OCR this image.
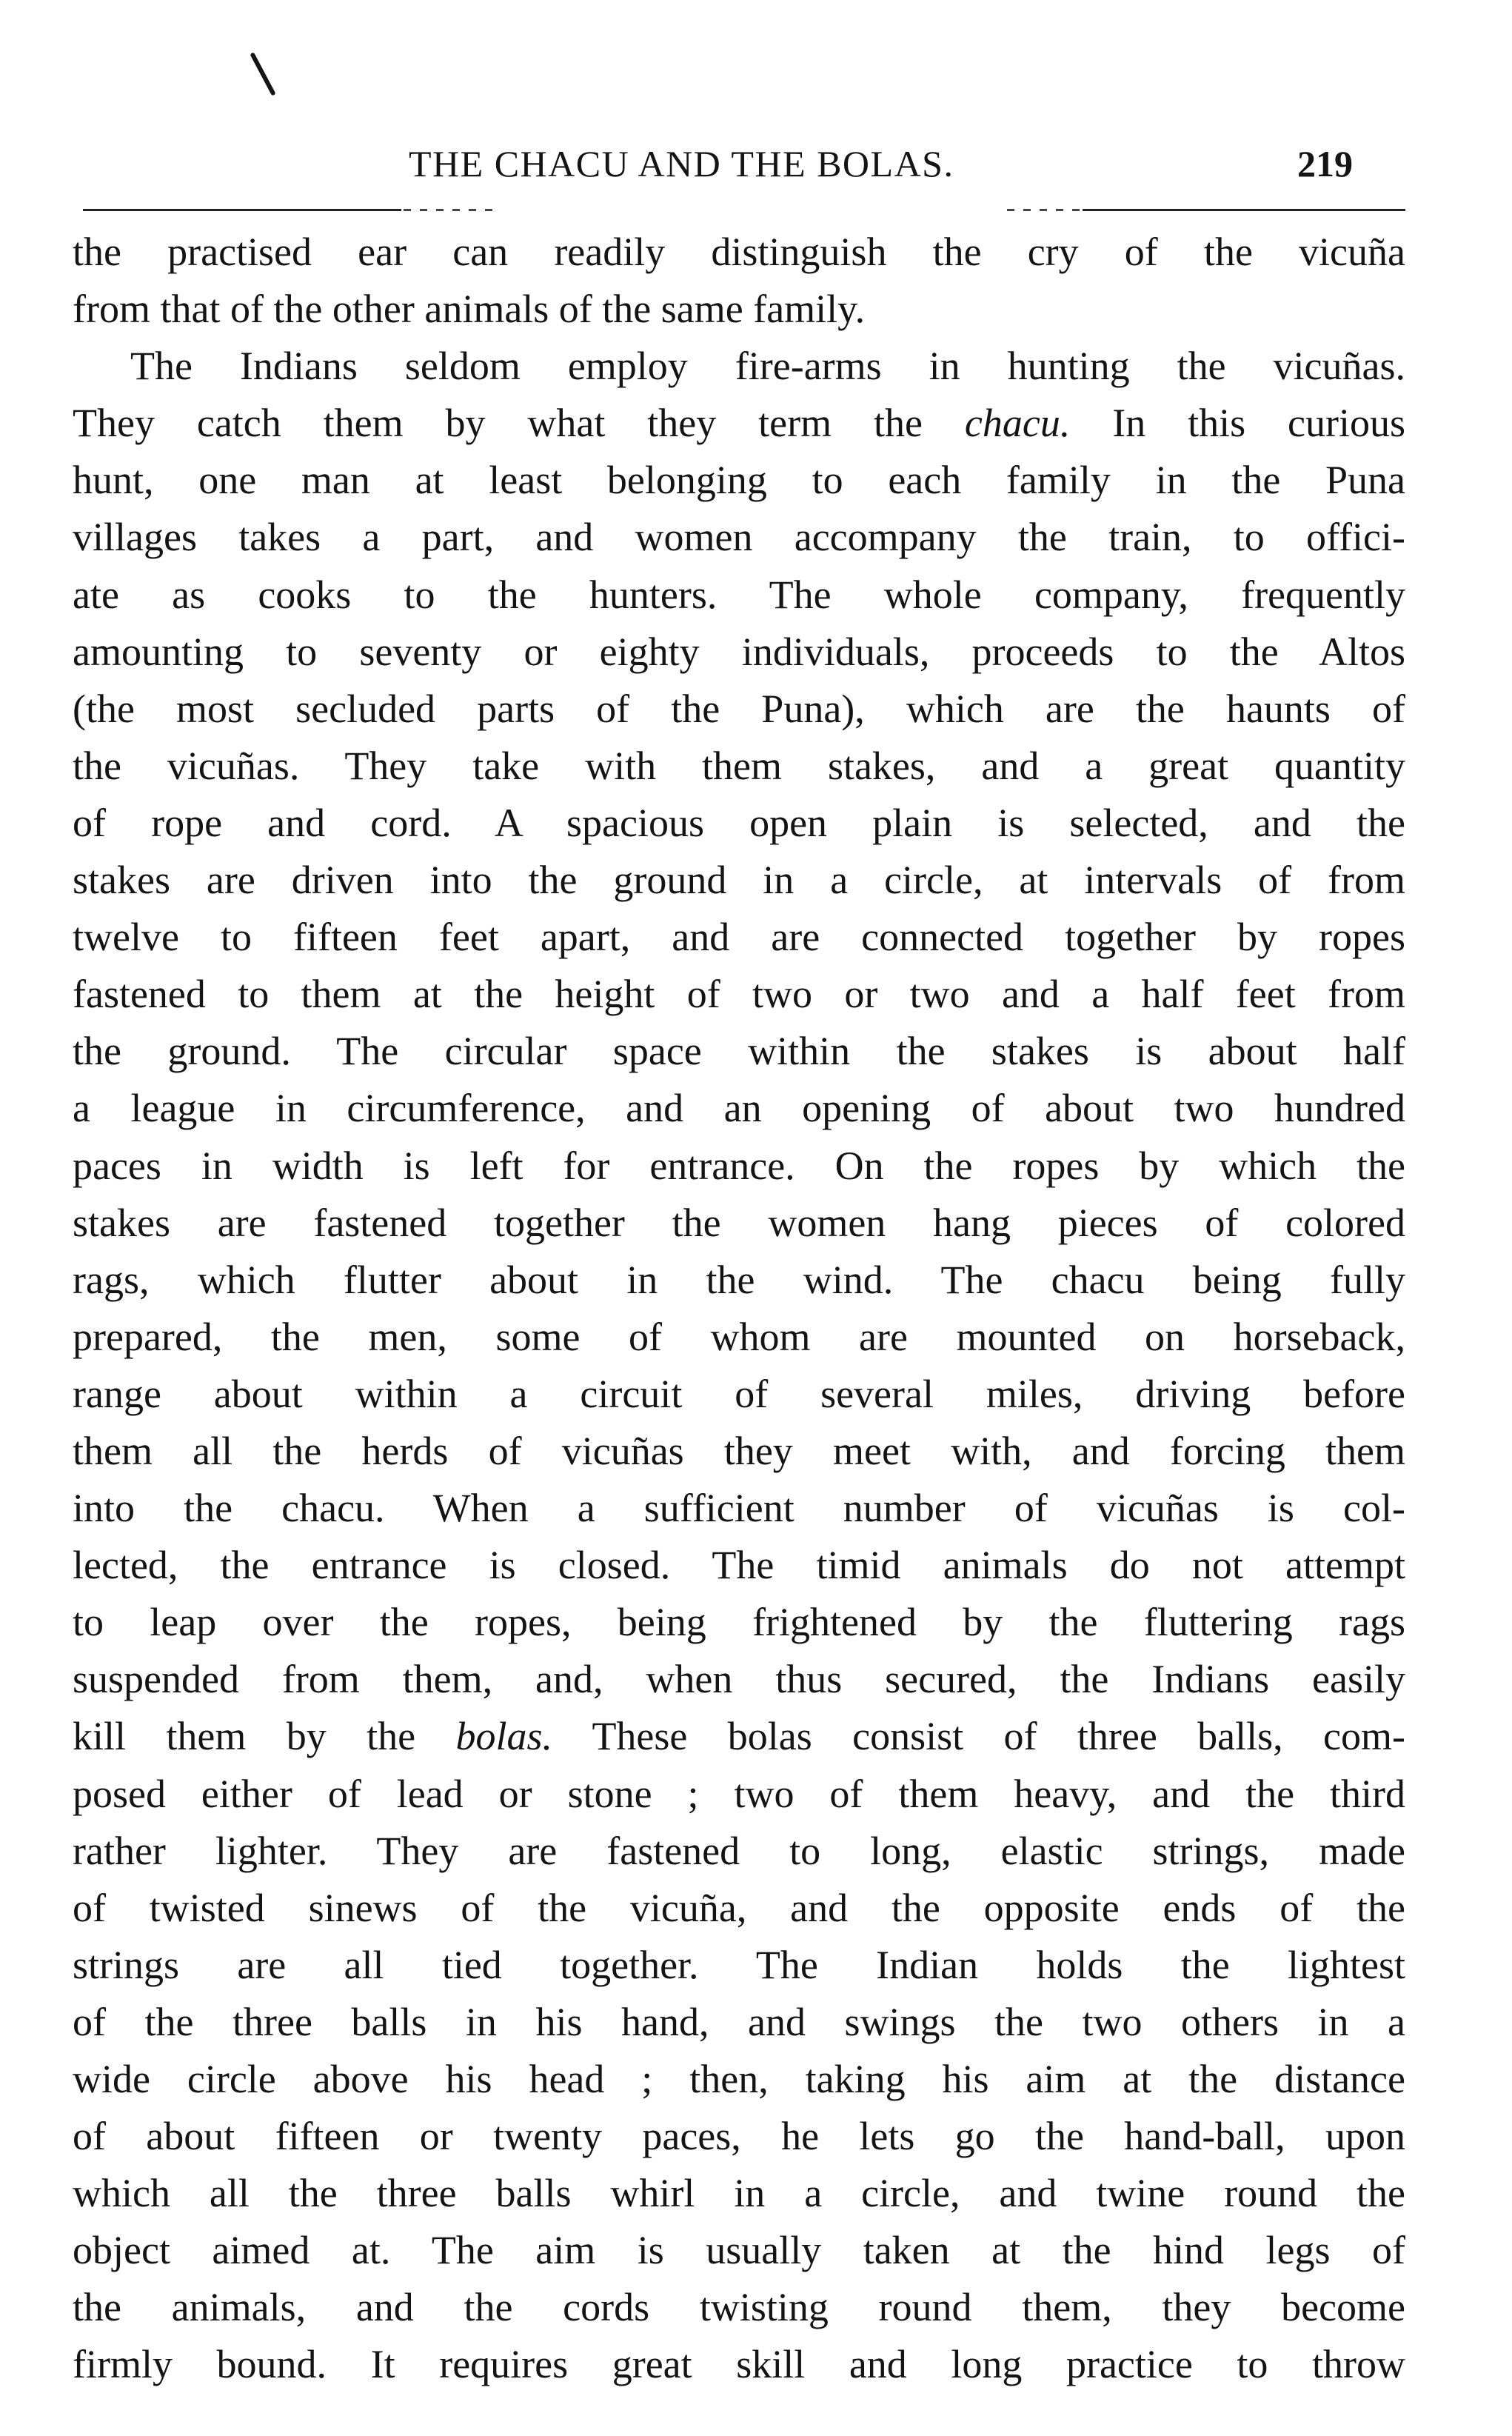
THE CHACU AND THE BOLAS.	219
the practised ear can readily distinguish the cry of the vicuña
from that of the other animals of the same family.
The Indians seldom employ fire-arms in hunting the vicuñas.
They catch them by what they term the chacu. In this curious
hunt, one man at least belonging to each family in the Puna
villages takes a part, and women accompany the train, to offici-
ate as cooks to the hunters. The whole company, frequently
amounting to seventy or eighty individuals, proceeds to the Altos
(the most secluded parts of the Puna), which are the haunts of
the vicuñas. They take with them stakes, and a great quantity
of rope and cord. A spacious open plain is selected, and the
stakes are driven into the ground in a circle, at intervals of from
twelve to fifteen feet apart, and are connected together by ropes
fastened to them at the height of two or two and a half feet from
the ground. The circular space within the stakes is about half
a league in circumference, and an opening of about two hundred
paces in width is left for entrance. On the ropes by which the
stakes are fastened together the women hang pieces of colored
rags, which flutter about in the wind. The chacu being fully
prepared, the men, some of whom are mounted on horseback,
range about within a circuit of several miles, driving before
them all the herds of vicuñas they meet with, and forcing them
into the chacu. When a sufficient number of vicuñas is col-
lected, the entrance is closed. The timid animals do not attempt
to leap over the ropes, being frightened by the fluttering rags
suspended from them, and, when thus secured, the Indians easily
kill them by the bolas. These bolas consist of three balls, com-
posed either of lead or stone ; two of them heavy, and the third
rather lighter. They are fastened to long, elastic strings, made
of twisted sinews of the vicuña, and the opposite ends of the
strings are all tied together. The Indian holds the lightest
of the three balls in his hand, and swings the two others in a
wide circle above his head ; then, taking his aim at the distance
of about fifteen or twenty paces, he lets go the hand-ball, upon
which all the three balls whirl in a circle, and twine round the
object aimed at. The aim is usually taken at the hind legs of
the animals, and the cords twisting round them, they become
firmly bound. It requires great skill and long practice to throw
